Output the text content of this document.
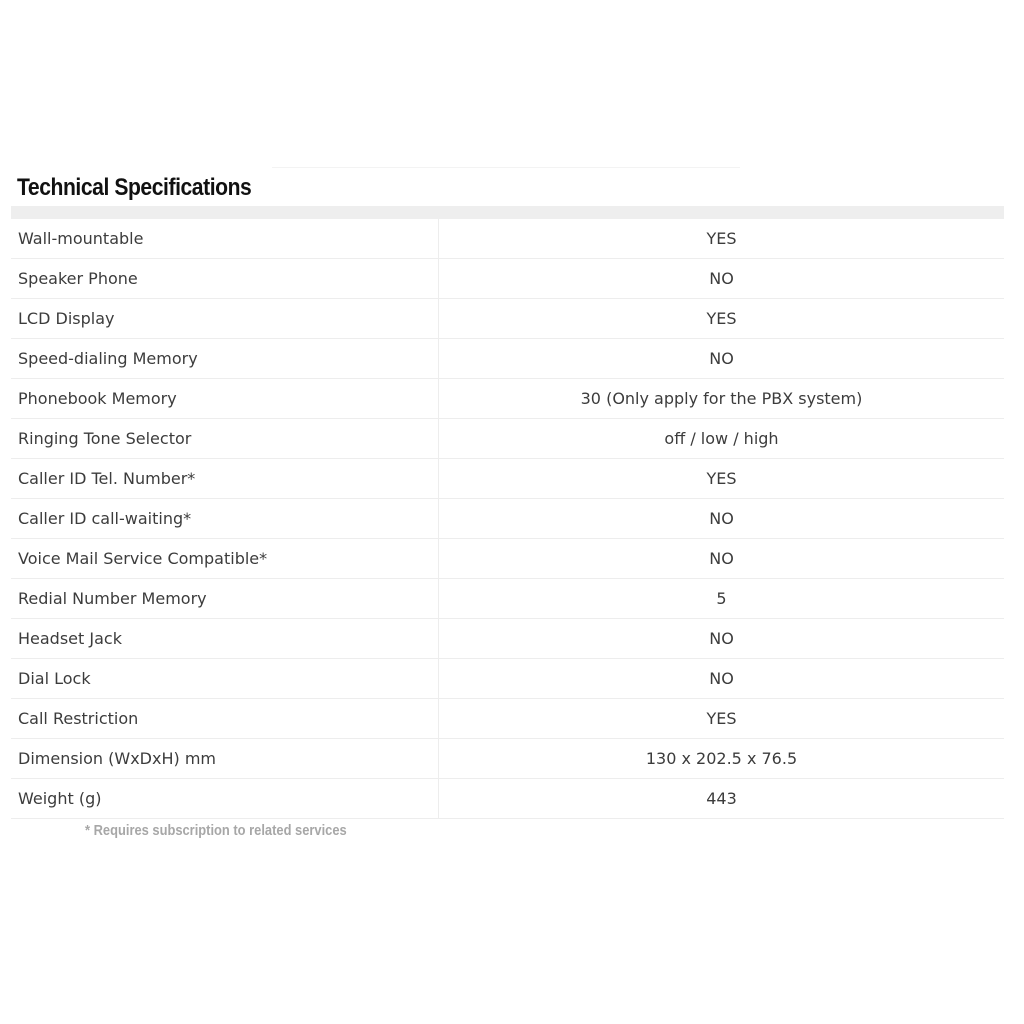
Technical Specifications
Wall-mountable	YES
Speaker Phone	NO
LCD Display	YES
Speed-dialing Memory	NO
Phonebook Memory	30 (Only apply for the PBX system)
Ringing Tone Selector	off / low / high
Caller ID Tel. Number*	YES
Caller ID call-waiting*	NO
Voice Mail Service Compatible*	NO
Redial Number Memory	5
Headset Jack	NO
Dial Lock	NO
Call Restriction	YES
Dimension (WxDxH) mm	130 x 202.5 x 76.5
Weight (g)	443

* Requires subscription to related services
